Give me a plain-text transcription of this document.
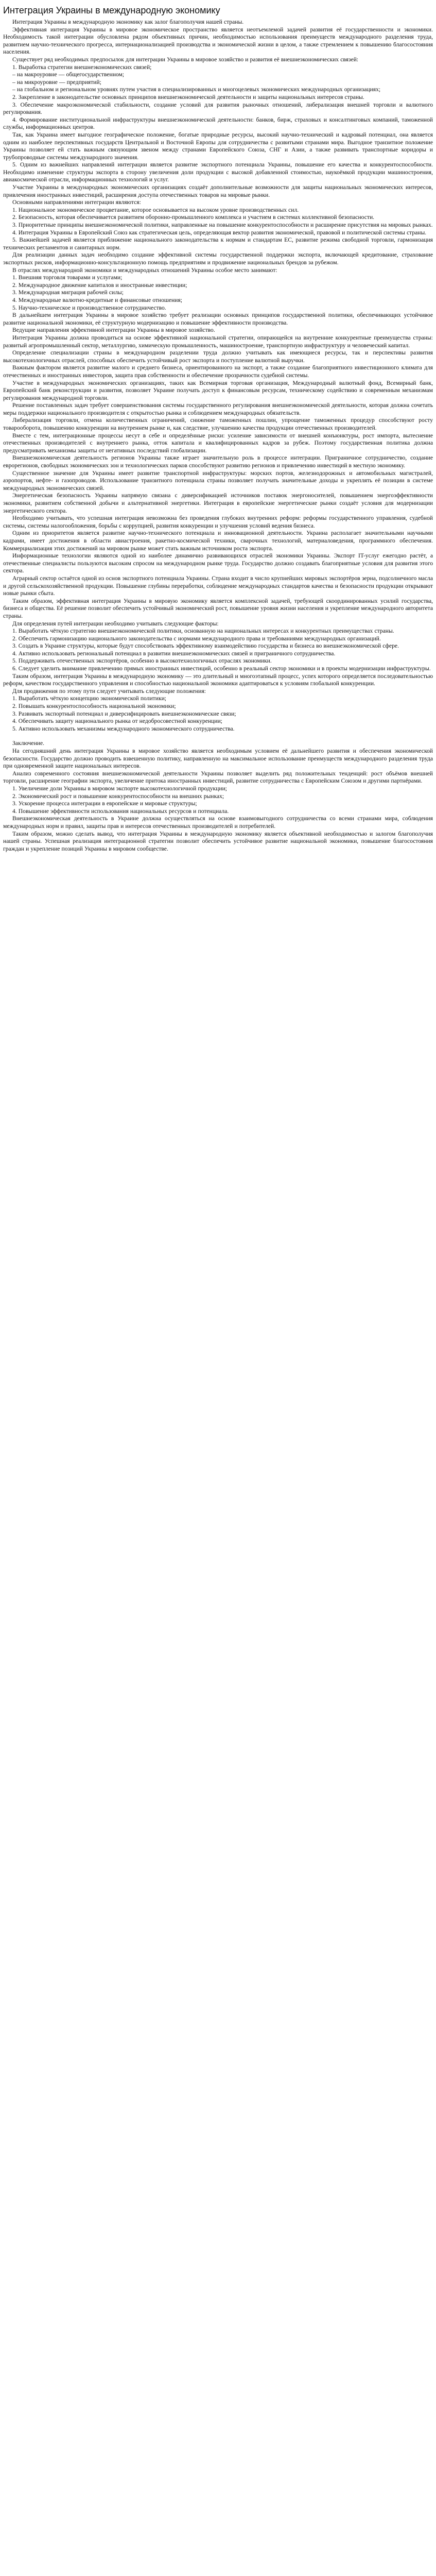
Интеграция Украины в международную экономику

Интеграция Украины в международную экономику как залог благополучия нашей страны.

Эффективная интеграция Украины в мировое экономическое пространство является неотъемлемой задачей развития её государственности и экономики. Необходимость такой интеграции обусловлена рядом объективных причин, необходимостью использования преимуществ международного разделения труда, развитием научно-технического прогресса, интернационализацией производства и экономической жизни в целом, а также стремлением к повышению благосостояния населения.

Существует ряд необходимых предпосылок для интеграции Украины в мировое хозяйство и развития её внешнеэкономических связей:

1. Выработка стратегии внешнеэкономических связей;

– на макроуровне — общегосударственном;

– на микроуровне — предприятий;

– на глобальном и региональном уровнях путем участия в специализированных и многоцелевых экономических международных организациях;

2. Закрепление в законодательстве основных принципов внешнеэкономической деятельности и защиты национальных интересов страны.

3. Обеспечение макроэкономической стабильности, создание условий для развития рыночных отношений, либерализация внешней торговли и валютного регулирования.

4. Формирование институциональной инфраструктуры внешнеэкономической деятельности: банков, бирж, страховых и консалтинговых компаний, таможенной службы, информационных центров.

Так, как Украина имеет выгодное географическое положение, богатые природные ресурсы, высокий научно-технический и кадровый потенциал, она является одним из наиболее перспективных государств Центральной и Восточной Европы для сотрудничества с развитыми странами мира. Выгодное транзитное положение Украины позволяет ей стать важным связующим звеном между странами Европейского Союза, СНГ и Азии, а также развивать транспортные коридоры и трубопроводные системы международного значения.

5. Одним из важнейших направлений интеграции является развитие экспортного потенциала Украины, повышение его качества и конкурентоспособности. Необходимо изменение структуры экспорта в сторону увеличения доли продукции с высокой добавленной стоимостью, наукоёмкой продукции машиностроения, авиакосмической отрасли, информационных технологий и услуг.

Участие Украины в международных экономических организациях создаёт дополнительные возможности для защиты национальных экономических интересов, привлечения иностранных инвестиций, расширения доступа отечественных товаров на мировые рынки.

Основными направлениями интеграции являются:

1. Национальное экономическое процветание, которое основывается на высоком уровне производственных сил.

2. Безопасность, которая обеспечивается развитием оборонно-промышленного комплекса и участием в системах коллективной безопасности.

3. Приоритетные принципы внешнеэкономической политики, направленные на повышение конкурентоспособности и расширение присутствия на мировых рынках.

4. Интеграция Украины в Европейский Союз как стратегическая цель, определяющая вектор развития экономической, правовой и политической системы страны.

5. Важнейшей задачей является приближение национального законодательства к нормам и стандартам ЕС, развитие режима свободной торговли, гармонизация технических регламентов и санитарных норм.

Для реализации данных задач необходимо создание эффективной системы государственной поддержки экспорта, включающей кредитование, страхование экспортных рисков, информационно-консультационную помощь предприятиям и продвижение национальных брендов за рубежом.

В отраслях международной экономики и международных отношений Украины особое место занимают:

1. Внешняя торговля товарами и услугами;

2. Международное движение капиталов и иностранные инвестиции;

3. Международная миграция рабочей силы;

4. Международные валютно-кредитные и финансовые отношения;

5. Научно-техническое и производственное сотрудничество.

В дальнейшем интеграция Украины в мировое хозяйство требует реализации основных принципов государственной политики, обеспечивающих устойчивое развитие национальной экономики, её структурную модернизацию и повышение эффективности производства.

Ведущие направления эффективной интеграции Украины в мировое хозяйство.

Интеграция Украины должна проводиться на основе эффективной национальной стратегии, опирающейся на внутренние конкурентные преимущества страны: развитый агропромышленный сектор, металлургию, химическую промышленность, машиностроение, транспортную инфраструктуру и человеческий капитал.

Определение специализации страны в международном разделении труда должно учитывать как имеющиеся ресурсы, так и перспективы развития высокотехнологичных отраслей, способных обеспечить устойчивый рост экспорта и поступление валютной выручки.

Важным фактором является развитие малого и среднего бизнеса, ориентированного на экспорт, а также создание благоприятного инвестиционного климата для отечественных и иностранных инвесторов, защита прав собственности и обеспечение прозрачности судебной системы.

Участие в международных экономических организациях, таких как Всемирная торговая организация, Международный валютный фонд, Всемирный банк, Европейский банк реконструкции и развития, позволяет Украине получать доступ к финансовым ресурсам, техническому содействию и современным механизмам регулирования международной торговли.

Решение поставленных задач требует совершенствования системы государственного регулирования внешнеэкономической деятельности, которая должна сочетать меры поддержки национального производителя с открытостью рынка и соблюдением международных обязательств.

Либерализация торговли, отмена количественных ограничений, снижение таможенных пошлин, упрощение таможенных процедур способствуют росту товарооборота, повышению конкуренции на внутреннем рынке и, как следствие, улучшению качества продукции отечественных производителей.

Вместе с тем, интеграционные процессы несут в себе и определённые риски: усиление зависимости от внешней конъюнктуры, рост импорта, вытеснение отечественных производителей с внутреннего рынка, отток капитала и квалифицированных кадров за рубеж. Поэтому государственная политика должна предусматривать механизмы защиты от негативных последствий глобализации.

Внешнеэкономическая деятельность регионов Украины также играет значительную роль в процессе интеграции. Приграничное сотрудничество, создание еврорегионов, свободных экономических зон и технологических парков способствуют развитию регионов и привлечению инвестиций в местную экономику.

Существенное значение для Украины имеет развитие транспортной инфраструктуры: морских портов, железнодорожных и автомобильных магистралей, аэропортов, нефте- и газопроводов. Использование транзитного потенциала страны позволяет получать значительные доходы и укреплять её позиции в системе международных экономических связей.

Энергетическая безопасность Украины напрямую связана с диверсификацией источников поставок энергоносителей, повышением энергоэффективности экономики, развитием собственной добычи и альтернативной энергетики. Интеграция в европейские энергетические рынки создаёт условия для модернизации энергетического сектора.

Необходимо учитывать, что успешная интеграция невозможна без проведения глубоких внутренних реформ: реформы государственного управления, судебной системы, системы налогообложения, борьбы с коррупцией, развития конкуренции и улучшения условий ведения бизнеса.

Одним из приоритетов является развитие научно-технического потенциала и инновационной деятельности. Украина располагает значительными научными кадрами, имеет достижения в области авиастроения, ракетно-космической техники, сварочных технологий, материаловедения, программного обеспечения. Коммерциализация этих достижений на мировом рынке может стать важным источником роста экспорта.

Информационные технологии являются одной из наиболее динамично развивающихся отраслей экономики Украины. Экспорт IT-услуг ежегодно растёт, а отечественные специалисты пользуются высоким спросом на международном рынке труда. Государство должно создавать благоприятные условия для развития этого сектора.

Аграрный сектор остаётся одной из основ экспортного потенциала Украины. Страна входит в число крупнейших мировых экспортёров зерна, подсолнечного масла и другой сельскохозяйственной продукции. Повышение глубины переработки, соблюдение международных стандартов качества и безопасности продукции открывают новые рынки сбыта.

Таким образом, эффективная интеграция Украины в мировую экономику является комплексной задачей, требующей скоординированных усилий государства, бизнеса и общества. Её решение позволит обеспечить устойчивый экономический рост, повышение уровня жизни населения и укрепление международного авторитета страны.

Для определения путей интеграции необходимо учитывать следующие факторы:

1. Выработать чёткую стратегию внешнеэкономической политики, основанную на национальных интересах и конкурентных преимуществах страны.

2. Обеспечить гармонизацию национального законодательства с нормами международного права и требованиями международных организаций.

3. Создать в Украине структуры, которые будут способствовать эффективному взаимодействию государства и бизнеса во внешнеэкономической сфере.

4. Активно использовать региональный потенциал в развитии внешнеэкономических связей и приграничного сотрудничества.

5. Поддерживать отечественных экспортёров, особенно в высокотехнологичных отраслях экономики.

6. Следует уделить внимание привлечению прямых иностранных инвестиций, особенно в реальный сектор экономики и в проекты модернизации инфраструктуры.

Таким образом, интеграция Украины в международную экономику — это длительный и многоэтапный процесс, успех которого определяется последовательностью реформ, качеством государственного управления и способностью национальной экономики адаптироваться к условиям глобальной конкуренции.

Для продвижения по этому пути следует учитывать следующие положения:

1. Выработать чёткую концепцию экономической политики;

2. Повышать конкурентоспособность национальной экономики;

3. Развивать экспортный потенциал и диверсифицировать внешнеэкономические связи;

4. Обеспечивать защиту национального рынка от недобросовестной конкуренции;

5. Активно использовать механизмы международного экономического сотрудничества.

Заключение.

На сегодняшний день интеграция Украины в мировое хозяйство является необходимым условием её дальнейшего развития и обеспечения экономической безопасности. Государство должно проводить взвешенную политику, направленную на максимальное использование преимуществ международного разделения труда при одновременной защите национальных интересов.

Анализ современного состояния внешнеэкономической деятельности Украины позволяет выделить ряд положительных тенденций: рост объёмов внешней торговли, расширение географии экспорта, увеличение притока иностранных инвестиций, развитие сотрудничества с Европейским Союзом и другими партнёрами.

1. Увеличение доли Украины в мировом экспорте высокотехнологичной продукции;

2. Экономический рост и повышение конкурентоспособности на внешних рынках;

3. Ускорение процесса интеграции в европейские и мировые структуры;

4. Повышение эффективности использования национальных ресурсов и потенциала.

Внешнеэкономическая деятельность в Украине должна осуществляться на основе взаимовыгодного сотрудничества со всеми странами мира, соблюдения международных норм и правил, защиты прав и интересов отечественных производителей и потребителей.

Таким образом, можно сделать вывод, что интеграция Украины в международную экономику является объективной необходимостью и залогом благополучия нашей страны. Успешная реализация интеграционной стратегии позволит обеспечить устойчивое развитие национальной экономики, повышение благосостояния граждан и укрепление позиций Украины в мировом сообществе.
